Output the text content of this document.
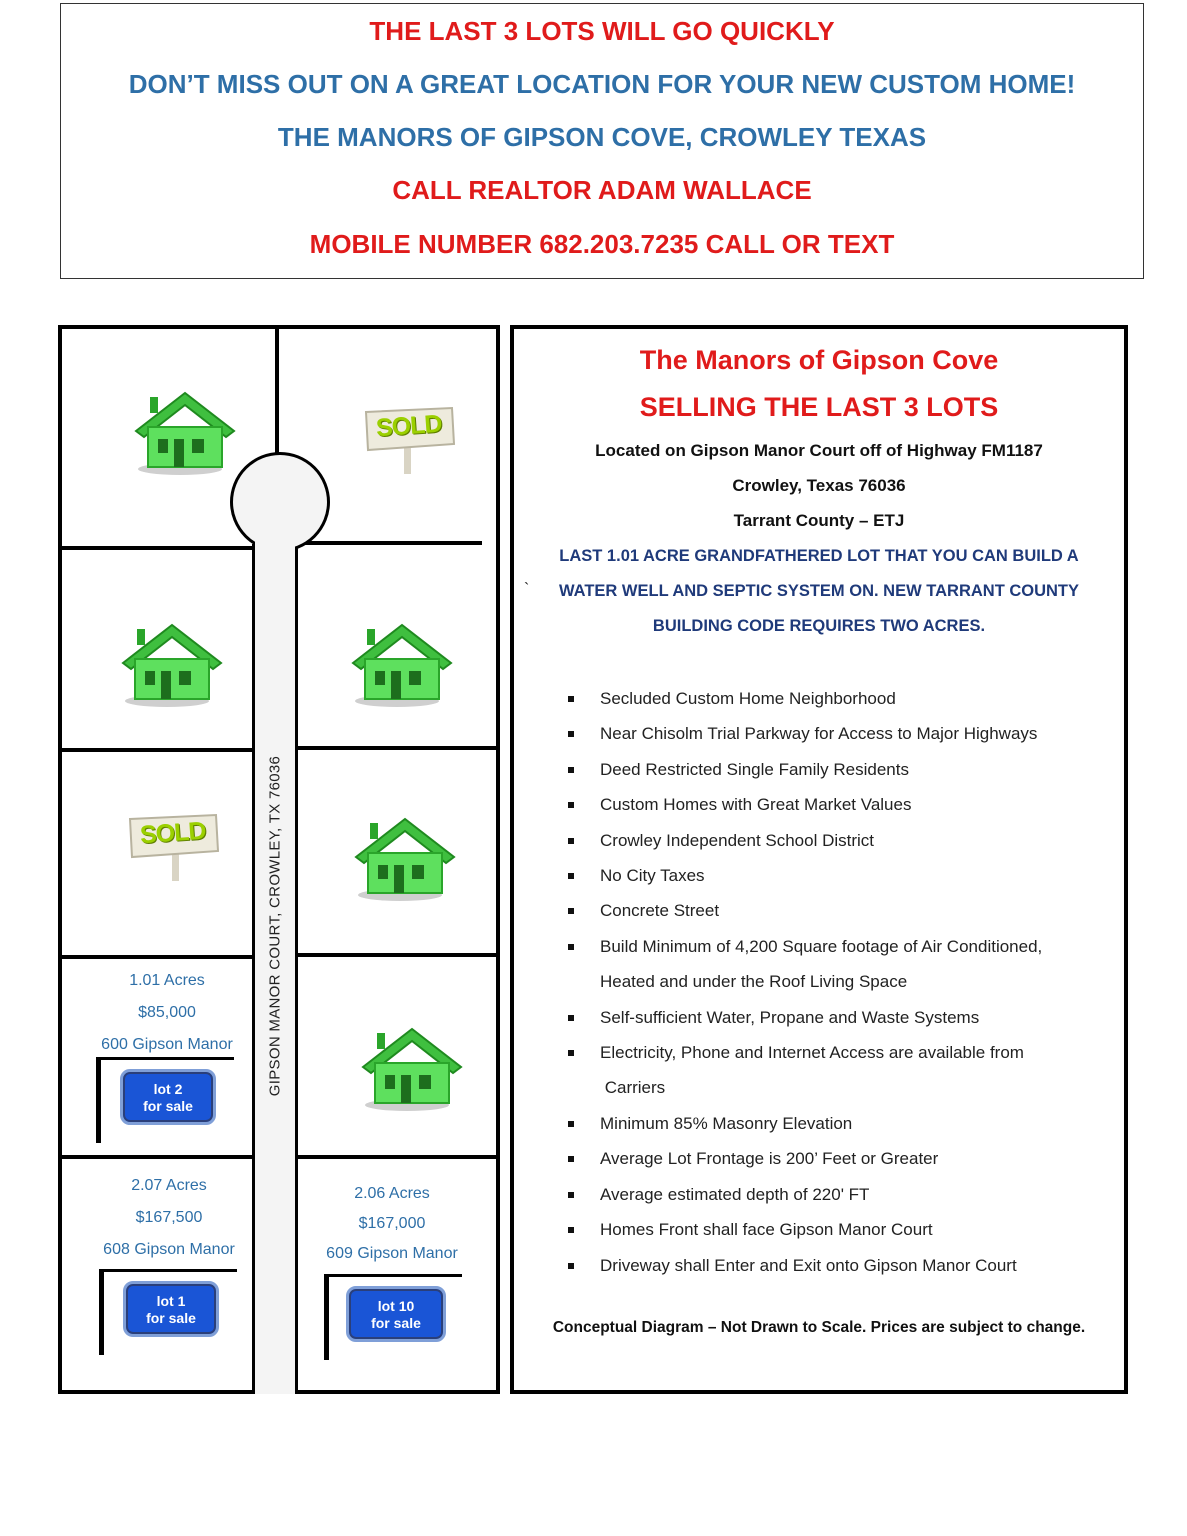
THE LAST 3 LOTS WILL GO QUICKLY
DON’T MISS OUT ON A GREAT LOCATION FOR YOUR NEW CUSTOM HOME!
THE MANORS OF GIPSON COVE, CROWLEY TEXAS
CALL REALTOR ADAM WALLACE
MOBILE NUMBER 682.203.7235 CALL OR TEXT
GIPSON MANOR COURT, CROWLEY, TX 76036
SOLD
SOLD
1.01 Acres
$85,000
600 Gipson Manor
lot 2
for sale
2.07 Acres
$167,500
608 Gipson Manor
lot 1
for sale
2.06 Acres
$167,000
609 Gipson Manor
lot 10
for sale
The Manors of Gipson Cove
SELLING THE LAST 3 LOTS
Located on Gipson Manor Court off of Highway FM1187
Crowley, Texas 76036
Tarrant County – ETJ
LAST 1.01 ACRE GRANDFATHERED LOT THAT YOU CAN BUILD A
`	WATER WELL AND SEPTIC SYSTEM ON. NEW TARRANT COUNTY
BUILDING CODE REQUIRES TWO ACRES.
Secluded Custom Home Neighborhood
Near Chisolm Trial Parkway for Access to Major Highways
Deed Restricted Single Family Residents
Custom Homes with Great Market Values
Crowley Independent School District
No City Taxes
Concrete Street
Build Minimum of 4,200 Square footage of Air Conditioned,
Heated and under the Roof Living Space
Self-sufficient Water, Propane and Waste Systems
Electricity, Phone and Internet Access are available from
Carriers
Minimum 85% Masonry Elevation
Average Lot Frontage is 200’ Feet or Greater
Average estimated depth of 220' FT
Homes Front shall face Gipson Manor Court
Driveway shall Enter and Exit onto Gipson Manor Court
Conceptual Diagram – Not Drawn to Scale. Prices are subject to change.
